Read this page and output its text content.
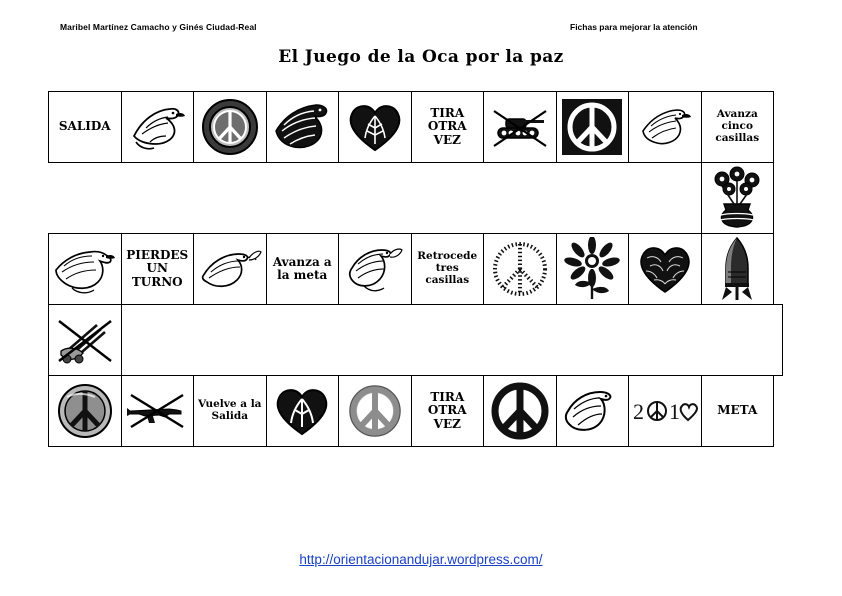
Maribel Martínez Camacho y Ginés Ciudad-Real	Fichas para mejorar la atención
El Juego de la Oca por la paz
SALIDA
TIRA OTRA VEZ
Avanza cinco casillas
PIERDES UN TURNO
Avanza a la meta
Retrocede tres casillas
Vuelve a la Salida
TIRA OTRA VEZ	2 1	META
http://orientacionandujar.wordpress.com/
